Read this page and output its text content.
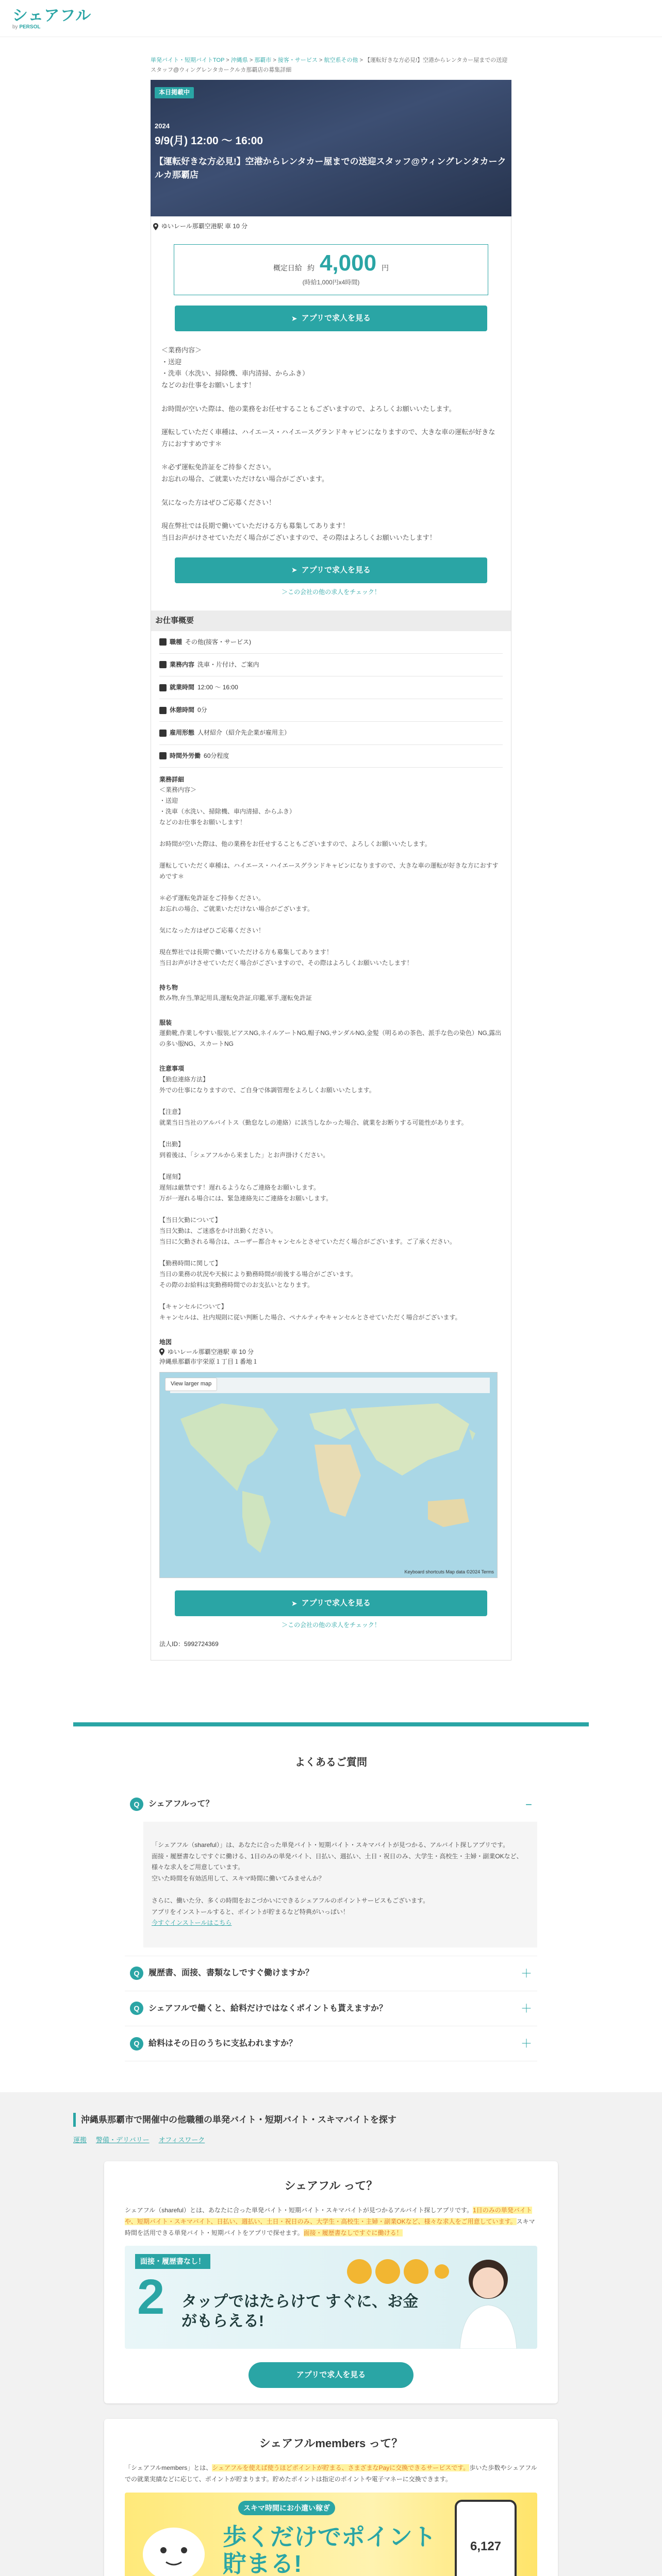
シェアフル
by PERSOL
単発バイト・短期バイトTOP > 沖縄県 > 那覇市 > 接客・サービス > 航空系その他 > 【運転好きな方必見!】空港からレンタカー屋までの送迎スタッフ@ウィングレンタカークルカ那覇店の募集詳細
本日掲載中
2024
9/9(月) 12:00 〜 16:00
【運転好きな方必見!】空港からレンタカー屋までの送迎スタッフ@ウィングレンタカークルカ那覇店
ゆいレール那覇空港駅 車 10 分
概定日給 約 4,000 円
(時給1,000円x4時間)
➤ アプリで求人を見る
＜業務内容＞
・送迎
・洗車（水洗い、掃除機、車内清掃、からふき）
などのお仕事をお願いします！

お時間が空いた際は、他の業務をお任せすることもございますので、よろしくお願いいたします。

運転していただく車種は、ハイエース・ハイエースグランドキャビンになりますので、大きな車の運転が好きな方におすすめです＊

＊必ず運転免許証をご持参ください。
お忘れの場合、ご就業いただけない場合がございます。

気になった方はぜひご応募ください！

現在弊社では長期で働いていただける方も募集してあります！
当日お声がけさせていただく場合がございますので、その際はよろしくお願いいたします！
➤ アプリで求人を見る
＞この会社の他の求人をチェック！
お仕事概要
職種 その他(接客・サービス)
業務内容 洗車・片付け、ご案内
就業時間 12:00 〜 16:00
休憩時間 0分
雇用形態 人材紹介（紹介先企業が雇用主）
時間外労働 60分程度
業務詳細

＜業務内容＞
・送迎
・洗車（水洗い、掃除機、車内清掃、からふき）
などのお仕事をお願いします！

お時間が空いた際は、他の業務をお任せすることもございますので、よろしくお願いいたします。

運転していただく車種は、ハイエース・ハイエースグランドキャビンになりますので、大きな車の運転が好きな方におすすめです＊

＊必ず運転免許証をご持参ください。
お忘れの場合、ご就業いただけない場合がございます。

気になった方はぜひご応募ください！

現在弊社では長期で働いていただける方も募集してあります！
当日お声がけさせていただく場合がございますので、その際はよろしくお願いいたします！

持ち物

飲み物,弁当,筆記用具,運転免許証,印鑑,軍手,運転免許証

服装

運動靴,作業しやすい服装,ピアスNG,ネイルアートNG,帽子NG,サンダルNG,金髪（明るめの茶色、派手な色の染色）NG,露出の多い服NG、スカートNG

注意事項

【勤怠連絡方法】
外での仕事になりますので、ご自身で体調管理をよろしくお願いいたします。

【注意】
就業当日当社のアルバイトス（勤怠なしの連絡）に該当しなかった場合、就業をお断りする可能性があります。

【出勤】
到着後は、「シェアフルから来ました」とお声掛けください。

【遅刻】
遅刻は厳禁です！遅れるようならご連絡をお願いします。
万が一遅れる場合には、緊急連絡先にご連絡をお願いします。

【当日欠勤について】
当日欠勤は、ご迷惑をかけ出勤ください。
当日に欠勤される場合は、ユーザー都合キャンセルとさせていただく場合がございます。ご了承ください。

【勤務時間に関して】
当日の業務の状況や天候により勤務時間が前後する場合がございます。
その際のお給料は実勤務時間でのお支払いとなります。

【キャンセルについて】
キャンセルは、社内規則に従い判断した場合、ペナルティやキャンセルとさせていただく場合がございます。

地図
ゆいレール那覇空港駅 車 10 分
沖縄県那覇市宇栄原１丁目１番地１
View larger map
Keyboard shortcuts Map data ©2024 Terms
➤ アプリで求人を見る
＞この会社の他の求人をチェック！
法人ID：5992724369
よくあるご質問
Q	シェアフルって？	−

「シェアフル（shareful）」は、あなたに合った単発バイト・短期バイト・スキマバイトが見つかる、アルバイト探しアプリです。
面接・履歴書なしですぐに働ける、1日のみの単発バイト、日払い、週払い、土日・祝日のみ、大学生・高校生・主婦・副業OKなど、様々な求人をご用意しています。
空いた時間を有効活用して、スキマ時間に働いてみませんか？

さらに、働いた分、多くの時間をおこづかいにできるシェアフルのポイントサービスもございます。
アプリをインストールすると、ポイントが貯まるなど特典がいっぱい！

今すぐインストールはこちら

Q	履歴書、面接、書類なしですぐ働けますか？	＋
Q	シェアフルで働くと、給料だけではなくポイントも貰えますか？	＋
Q	給料はその日のうちに支払われますか？	＋
沖縄県那覇市で開催中の他職種の単発バイト・短期バイト・スキマバイトを探す
運搬 警備・デリバリー オフィスワーク
シェアフル って？

シェアフル（shareful）とは、あなたに合った単発バイト・短期バイト・スキマバイトが見つかるアルバイト探しアプリです。1日のみの単発バイトや、短期バイト・スキマバイト、日払い、週払い、土日・祝日のみ、大学生・高校生・主婦・副業OKなど、様々な求人をご用意しています。スキマ時間を活用できる単発バイト・短期バイトをアプリで探せます。面接・履歴書なしですぐに働ける！

面接・履歴書なし！
2 タップではたらけて すぐに、お金がもらえる!
アプリで求人を見る
シェアフルmembers って？

「シェアフルmembers」とは、シェアフルを使えば使うほどポイントが貯まる、さまざまなPayに交換できるサービスです。歩いた歩数やシェアフルでの就業実績などに応じて、ポイントが貯まります。貯めたポイントは指定のポイントや電子マネーに交換できます。

スキマ時間にお小遣い稼ぎ
歩くだけでポイント貯まる!
6,127
